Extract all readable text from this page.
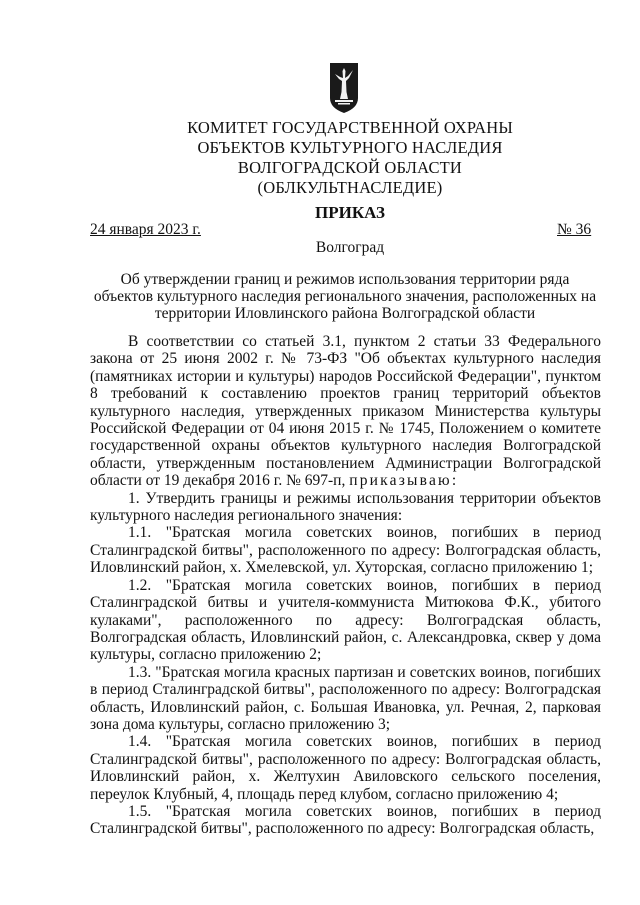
КОМИТЕТ ГОСУДАРСТВЕННОЙ ОХРАНЫ
ОБЪЕКТОВ КУЛЬТУРНОГО НАСЛЕДИЯ
ВОЛГОГРАДСКОЙ ОБЛАСТИ
(ОБЛКУЛЬТНАСЛЕДИЕ)
ПРИКАЗ
24 января 2023 г.	№ 36
Волгоград
Об утверждении границ и режимов использования территории ряда объектов культурного наследия регионального значения, расположенных на территории Иловлинского района Волгоградской области

В соответствии со статьей 3.1, пунктом 2 статьи 33 Федерального закона от 25 июня 2002 г. № 73-ФЗ "Об объектах культурного наследия (памятниках истории и культуры) народов Российской Федерации", пунктом 8 требований к составлению проектов границ территорий объектов культурного наследия, утвержденных приказом Министерства культуры Российской Федерации от 04 июня 2015 г. № 1745, Положением о комитете государственной охраны объектов культурного наследия Волгоградской области, утвержденным постановлением Администрации Волгоградской области от 19 декабря 2016 г. № 697-п, приказываю:

1. Утвердить границы и режимы использования территории объектов культурного наследия регионального значения:

1.1. "Братская могила советских воинов, погибших в период Сталинградской битвы", расположенного по адресу: Волгоградская область, Иловлинский район, х. Хмелевской, ул. Хуторская, согласно приложению 1;

1.2. "Братская могила советских воинов, погибших в период Сталинградской битвы и учителя-коммуниста Митюкова Ф.К., убитого кулаками", расположенного по адресу: Волгоградская область, Волгоградская область, Иловлинский район, с. Александровка, сквер у дома культуры, согласно приложению 2;

1.3. "Братская могила красных партизан и советских воинов, погибших в период Сталинградской битвы", расположенного по адресу: Волгоградская область, Иловлинский район, с. Большая Ивановка, ул. Речная, 2, парковая зона дома культуры, согласно приложению 3;

1.4. "Братская могила советских воинов, погибших в период Сталинградской битвы", расположенного по адресу: Волгоградская область, Иловлинский район, х. Желтухин Авиловского сельского поселения, переулок Клубный, 4, площадь перед клубом, согласно приложению 4;

1.5. "Братская могила советских воинов, погибших в период Сталинградской битвы", расположенного по адресу: Волгоградская область,
